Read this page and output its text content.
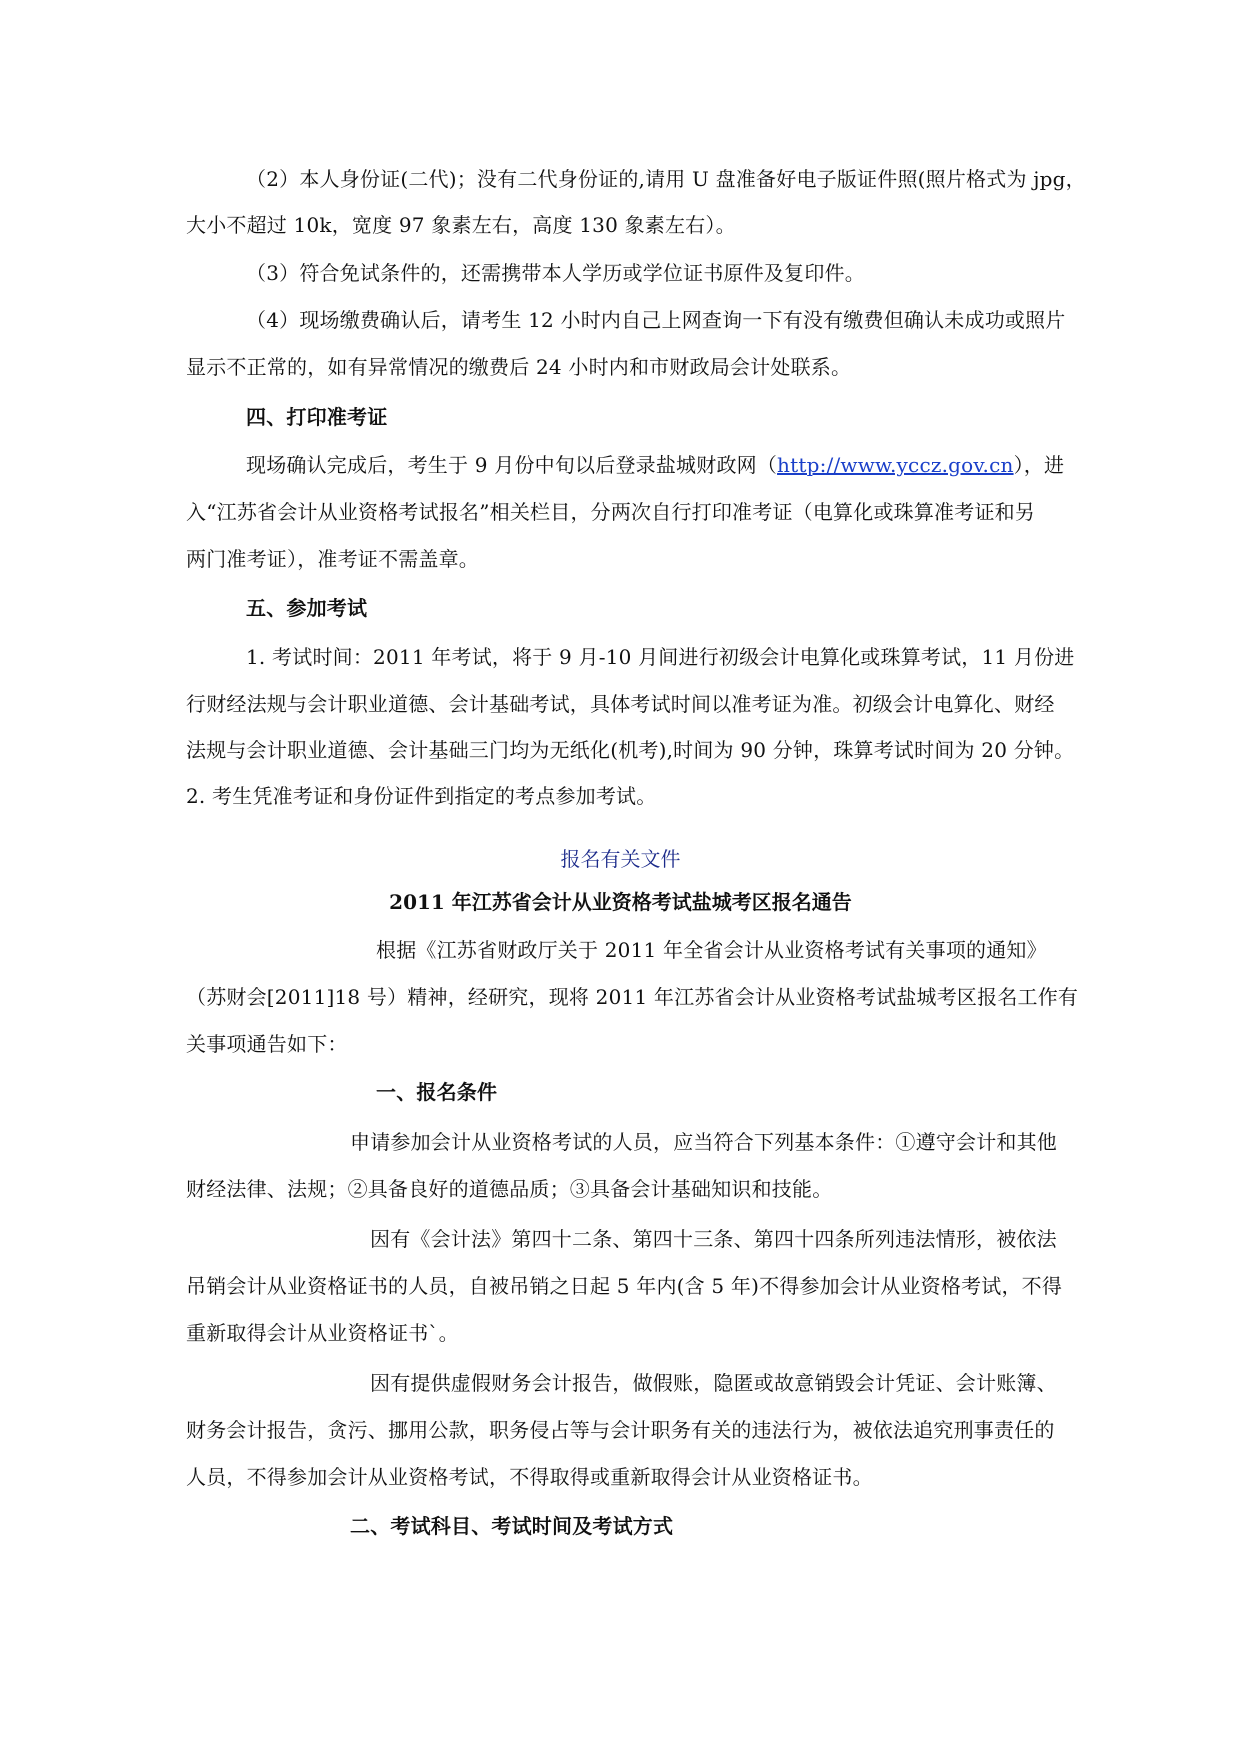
（2）本人身份证(二代)；没有二代身份证的,请用 U 盘准备好电子版证件照(照片格式为 jpg，
大小不超过 10k，宽度 97 象素左右，高度 130 象素左右）。
（3）符合免试条件的，还需携带本人学历或学位证书原件及复印件。
（4）现场缴费确认后，请考生 12 小时内自己上网查询一下有没有缴费但确认未成功或照片
显示不正常的，如有异常情况的缴费后 24 小时内和市财政局会计处联系。
四、打印准考证
现场确认完成后，考生于 9 月份中旬以后登录盐城财政网（http://www.yccz.gov.cn），进
入“江苏省会计从业资格考试报名”相关栏目，分两次自行打印准考证（电算化或珠算准考证和另
两门准考证），准考证不需盖章。
五、参加考试
1. 考试时间：2011 年考试，将于 9 月-10 月间进行初级会计电算化或珠算考试，11 月份进
行财经法规与会计职业道德、会计基础考试，具体考试时间以准考证为准。初级会计电算化、财经
法规与会计职业道德、会计基础三门均为无纸化(机考),时间为 90 分钟，珠算考试时间为 20 分钟。
2. 考生凭准考证和身份证件到指定的考点参加考试。
报名有关文件
2011 年江苏省会计从业资格考试盐城考区报名通告
根据《江苏省财政厅关于 2011 年全省会计从业资格考试有关事项的通知》
（苏财会[2011]18 号）精神，经研究，现将 2011 年江苏省会计从业资格考试盐城考区报名工作有
关事项通告如下：
一、报名条件
申请参加会计从业资格考试的人员，应当符合下列基本条件：①遵守会计和其他
财经法律、法规；②具备良好的道德品质；③具备会计基础知识和技能。
因有《会计法》第四十二条、第四十三条、第四十四条所列违法情形，被依法
吊销会计从业资格证书的人员，自被吊销之日起 5 年内(含 5 年)不得参加会计从业资格考试，不得
重新取得会计从业资格证书`。
因有提供虚假财务会计报告，做假账，隐匿或故意销毁会计凭证、会计账簿、
财务会计报告，贪污、挪用公款，职务侵占等与会计职务有关的违法行为，被依法追究刑事责任的
人员，不得参加会计从业资格考试，不得取得或重新取得会计从业资格证书。
二、考试科目、考试时间及考试方式
